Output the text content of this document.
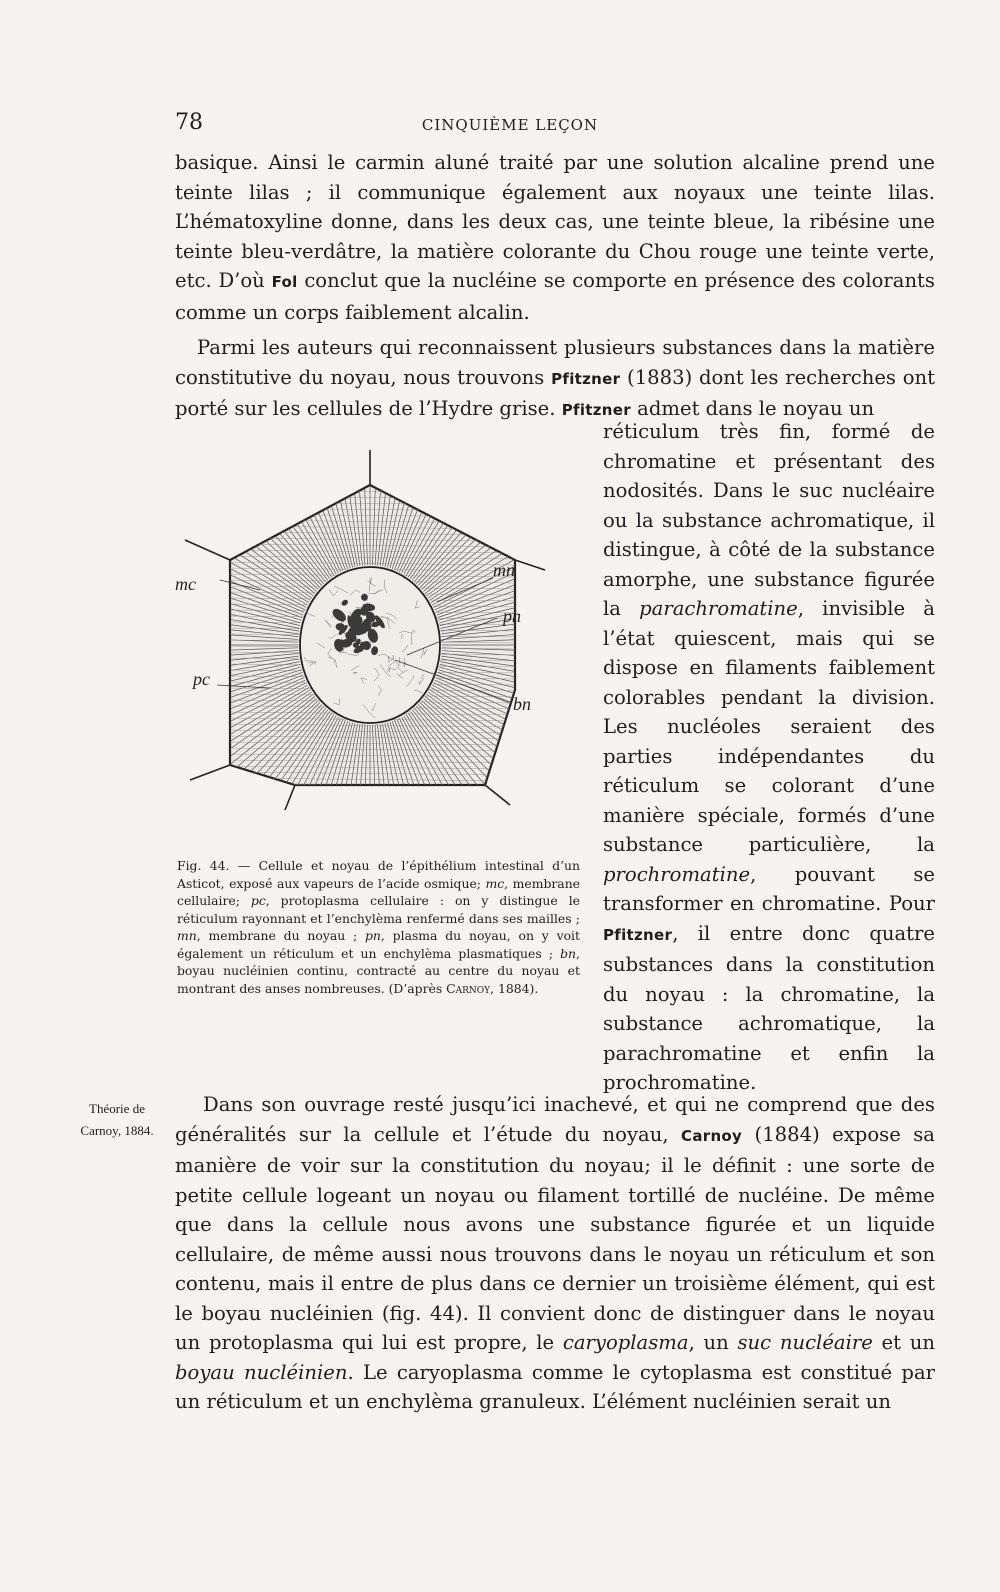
78	CINQUIÈME LEÇON
basique. Ainsi le carmin aluné traité par une solution alcaline prend une teinte lilas ; il communique également aux noyaux une teinte lilas. L’hématoxyline donne, dans les deux cas, une teinte bleue, la ribésine une teinte bleu-verdâtre, la matière colorante du Chou rouge une teinte verte, etc. D’où Fol conclut que la nucléine se comporte en présence des colorants comme un corps faiblement alcalin.
Parmi les auteurs qui reconnaissent plusieurs substances dans la matière constitutive du noyau, nous trouvons Pfitzner (1883) dont les recherches ont porté sur les cellules de l’Hydre grise. Pfitzner admet dans le noyau un
réticulum très fin, formé de chromatine et présentant des nodosités. Dans le suc nucléaire ou la substance achromatique, il distingue, à côté de la substance amorphe, une substance figurée la parachromatine, invisible à l’état quiescent, mais qui se dispose en filaments faiblement colorables pendant la division. Les nucléoles seraient des parties indépendantes du réticulum se colorant d’une manière spéciale, formés d’une substance particulière, la prochromatine, pouvant se transformer en chromatine. Pour Pfitzner, il entre donc quatre substances dans la constitution du noyau : la chromatine, la substance achromatique, la parachromatine et enfin la prochromatine.
mc
pc
mn
pn
bn
Fig. 44. — Cellule et noyau de l’épithélium intestinal d’un Asticot, exposé aux vapeurs de l’acide osmique; mc, membrane cellulaire; pc, protoplasma cellulaire : on y distingue le réticulum rayonnant et l’enchylèma renfermé dans ses mailles ; mn, membrane du noyau ; pn, plasma du noyau, on y voit également un réticulum et un enchylèma plasmatiques ; bn, boyau nucléinien continu, contracté au centre du noyau et montrant des anses nombreuses. (D’après Carnoy, 1884).
Théorie de
Carnoy, 1884.
Dans son ouvrage resté jusqu’ici inachevé, et qui ne comprend que des généralités sur la cellule et l’étude du noyau, Carnoy (1884) expose sa manière de voir sur la constitution du noyau; il le définit : une sorte de petite cellule logeant un noyau ou filament tortillé de nucléine. De même que dans la cellule nous avons une substance figurée et un liquide cellulaire, de même aussi nous trouvons dans le noyau un réticulum et son contenu, mais il entre de plus dans ce dernier un troisième élément, qui est le boyau nucléinien (fig. 44). Il convient donc de distinguer dans le noyau un protoplasma qui lui est propre, le caryoplasma, un suc nucléaire et un boyau nucléinien. Le caryoplasma comme le cytoplasma est constitué par un réticulum et un enchylèma granuleux. L’élément nucléinien serait un
